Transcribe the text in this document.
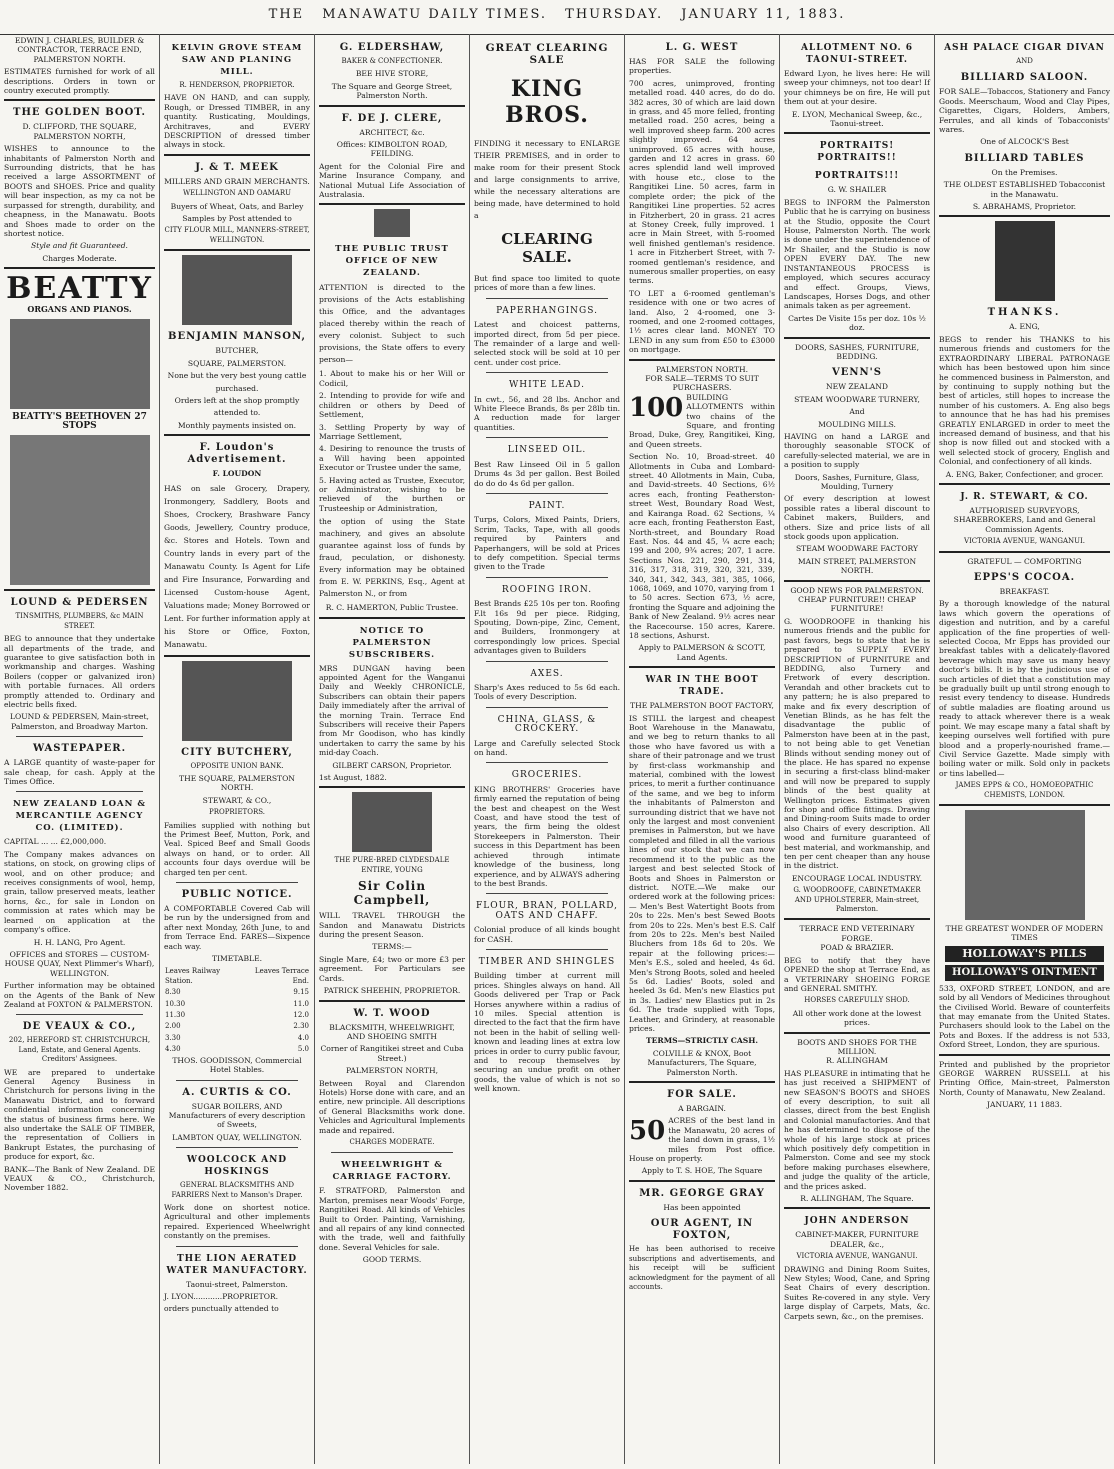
THE MANAWATU DAILY TIMES. THURSDAY. JANUARY 11, 1883.

EDWIN J. CHARLES, BUILDER & CONTRACTOR, TERRACE END, PALMERSTON NORTH.

ESTIMATES furnished for work of all descriptions. Orders in town or country executed promptly.

THE GOLDEN BOOT.

D. CLIFFORD, THE SQUARE, PALMERSTON NORTH,

WISHES to announce to the inhabitants of Palmerston North and Surrounding districts, that he has received a large ASSORTMENT of BOOTS and SHOES. Price and quality will bear inspection, as my ca not be surpassed for strength, durability, and cheapness, in the Manawatu. Boots and Shoes made to order on the shortest notice.

Style and fit Guaranteed.

Charges Moderate.

BEATTY
ORGANS AND PIANOS.
BEATTY'S BEETHOVEN 27 STOPS
LOUND & PEDERSEN

TINSMITHS, PLUMBERS, &c MAIN STREET.

BEG to announce that they undertake all departments of the trade, and guarantee to give satisfaction both in workmanship and charges. Washing Boilers (copper or galvanized iron) with portable furnaces. All orders promptly attended to. Ordinary and electric bells fixed.

LOUND & PEDERSEN, Main-street, Palmerston, and Broadway Marton.

WASTEPAPER.

A LARGE quantity of waste-paper for sale cheap, for cash. Apply at the Times Office.

NEW ZEALAND LOAN & MERCANTILE AGENCY CO. (LIMITED).

CAPITAL ... ... £2,000,000.

The Company makes advances on stations, on stock, on growing clips of wool, and on other produce; and receives consignments of wool, hemp, grain, tallow preserved meats, leather horns, &c., for sale in London on commission at rates which may be learned on application at the company's office.

H. H. LANG, Pro Agent.

OFFICES and STORES — CUSTOM-HOUSE QUAY, Next Plimmer's Wharf), WELLINGTON.

Further information may be obtained on the Agents of the Bank of New Zealand at FOXTON & PALMERSTON.

DE VEAUX & CO.,

202, HEREFORD ST. CHRISTCHURCH, Land, Estate, and General Agents. Creditors' Assignees.

WE are prepared to undertake General Agency Business in Christchurch for persons living in the Manawatu District, and to forward confidential information concerning the status of business firms here. We also undertake the SALE OF TIMBER, the representation of Colliers in Bankrupt Estates, the purchasing of produce for export, &c.

BANK—The Bank of New Zealand. DE VEAUX & CO., Christchurch, November 1882.

KELVIN GROVE STEAM SAW AND PLANING MILL.

R. HENDERSON, PROPRIETOR.

HAVE ON HAND, and can supply, Rough, or Dressed TIMBER, in any quantity. Rusticating, Mouldings, Architraves, and EVERY DESCRIPTION of dressed timber always in stock.

J. & T. MEEK

MILLERS AND GRAIN MERCHANTS.

WELLINGTON AND OAMARU

Buyers of Wheat, Oats, and Barley

Samples by Post attended to

CITY FLOUR MILL, MANNERS-STREET, WELLINGTON.

BENJAMIN MANSON,

BUTCHER,

SQUARE, PALMERSTON.

None but the very best young cattle

purchased.

Orders left at the shop promptly

attended to.

Monthly payments insisted on.

F. Loudon's Advertisement.

F. LOUDON

HAS on sale Grocery, Drapery, Ironmongery, Saddlery, Boots and Shoes, Crockery, Brashware Fancy Goods, Jewellery, Country produce, &c. Stores and Hotels. Town and Country lands in every part of the Manawatu County. Is Agent for Life and Fire Insurance, Forwarding and Licensed Custom-house Agent, Valuations made; Money Borrowed or Lent. For further information apply at his Store or Office, Foxton, Manawatu.

CITY BUTCHERY,

OPPOSITE UNION BANK.

THE SQUARE, PALMERSTON NORTH.

STEWART, & CO.,

PROPRIETORS.

Families supplied with nothing but the Primest Beef, Mutton, Pork, and Veal. Spiced Beef and Small Goods always on hand, or to order. All accounts four days overdue will be charged ten per cent.

PUBLIC NOTICE.

A COMFORTABLE Covered Cab will be run by the undersigned from and after next Monday, 26th June, to and from Terrace End. FARES—Sixpence each way.

TIMETABLE.

Leaves Railway Station.	Leaves Terrace End.
8.30	9.15
10.30	11.0
11.30	12.0
2.00	2.30
3.30	4.0
4.30	5.0

THOS. GOODISSON, Commercial Hotel Stables.

A. CURTIS & CO.

SUGAR BOILERS, AND Manufacturers of every description of Sweets,

LAMBTON QUAY, WELLINGTON.

WOOLCOCK AND HOSKINGS

GENERAL BLACKSMITHS AND FARRIERS Next to Manson's Draper.

Work done on shortest notice. Agricultural and other implements repaired. Experienced Wheelwright constantly on the premises.

THE LION AERATED WATER MANUFACTORY.

Taonui-street, Palmerston.

J. LYON............PROPRIETOR.

orders punctually attended to

G. ELDERSHAW,

BAKER & CONFECTIONER.

BEE HIVE STORE,

The Square and George Street, Palmerston North.

F. DE J. CLERE,

ARCHITECT, &c.

Offices: KIMBOLTON ROAD, FEILDING.

Agent for the Colonial Fire and Marine Insurance Company, and National Mutual Life Association of Australasia.

THE PUBLIC TRUST OFFICE OF NEW ZEALAND.

ATTENTION is directed to the provisions of the Acts establishing this Office, and the advantages placed thereby within the reach of every colonist. Subject to such provisions, the State offers to every person—

1. About to make his or her Will or Codicil,

2. Intending to provide for wife and children or others by Deed of Settlement,

3. Settling Property by way of Marriage Settlement,

4. Desiring to renounce the trusts of a Will having been appointed Executor or Trustee under the same,

5. Having acted as Trustee, Executor, or Administrator, wishing to be relieved of the burthen or Trusteeship or Administration,

the option of using the State machinery, and gives an absolute guarantee against loss of funds by fraud, peculation, or dishonesty. Every information may be obtained from E. W. PERKINS, Esq., Agent at Palmerston N., or from

R. C. HAMERTON, Public Trustee.

NOTICE TO PALMERSTON SUBSCRIBERS.

MRS DUNGAN having been appointed Agent for the Wanganui Daily and Weekly CHRONICLE, Subscribers can obtain their papers Daily immediately after the arrival of the morning Train. Terrace End Subscribers will receive their Papers from Mr Goodison, who has kindly undertaken to carry the same by his mid-day Coach.

GILBERT CARSON, Proprietor.

1st August, 1882.

THE PURE-BRED CLYDESDALE ENTIRE, YOUNG

Sir Colin Campbell,

WILL TRAVEL THROUGH the Sandon and Manawatu Districts during the present Season.

TERMS:—

Single Mare, £4; two or more £3 per agreement. For Particulars see Cards.

PATRICK SHEEHIN, PROPRIETOR.

W. T. WOOD

BLACKSMITH, WHEELWRIGHT, AND SHOEING SMITH

Corner of Rangitikei street and Cuba Street.)

PALMERSTON NORTH,

Between Royal and Clarendon Hotels) Horse done with care, and an entire, new principle. All descriptions of General Blacksmiths work done. Vehicles and Agricultural Implements made and repaired.

CHARGES MODERATE.

WHEELWRIGHT & CARRIAGE FACTORY.

F. STRATFORD, Palmerston and Marton, premises near Woods' Forge, Rangitikei Road. All kinds of Vehicles Built to Order. Painting, Varnishing, and all repairs of any kind connected with the trade, well and faithfully done. Several Vehicles for sale.

GOOD TERMS.

GREAT CLEARING SALE
KING BROS.

FINDING it necessary to ENLARGE THEIR PREMISES, and in order to make room for their present Stock and large consignments to arrive, while the necessary alterations are being made, have determined to hold a

CLEARING SALE.

But find space too limited to quote prices of more than a few lines.

PAPERHANGINGS.

Latest and choicest patterns, imported direct, from 5d per piece. The remainder of a large and well-selected stock will be sold at 10 per cent. under cost price.

WHITE LEAD.

In cwt., 56, and 28 lbs. Anchor and White Fleece Brands, 8s per 28lb tin. A reduction made for larger quantities.

LINSEED OIL.

Best Raw Linseed Oil in 5 gallon Drums 4s 3d per gallon. Best Boiled do do do 4s 6d per gallon.

PAINT.

Turps, Colors, Mixed Paints, Driers, Scrim, Tacks, Tape, with all goods required by Painters and Paperhangers, will be sold at Prices to defy competition. Special terms given to the Trade

ROOFING IRON.

Best Brands £25 10s per ton. Roofing F.lt 16s 9d per piece. Ridging, Spouting, Down-pipe, Zinc, Cement, and Builders, Ironmongery at correspondingly low prices. Special advantages given to Builders

AXES.

Sharp's Axes reduced to 5s 6d each. Tools of every Description.

CHINA, GLASS, & CROCKERY.

Large and Carefully selected Stock on hand.

GROCERIES.

KING BROTHERS' Groceries have firmly earned the reputation of being the best and cheapest on the West Coast, and have stood the test of years, the firm being the oldest Storekeepers in Palmerston. Their success in this Department has been achieved through intimate knowledge of the business, long experience, and by ALWAYS adhering to the best Brands.

FLOUR, BRAN, POLLARD, OATS AND CHAFF.

Colonial produce of all kinds bought for CASH.

TIMBER AND SHINGLES

Building timber at current mill prices. Shingles always on hand. All Goods delivered per Trap or Pack Horses anywhere within a radius of 10 miles. Special attention is directed to the fact that the firm have not been in the habit of selling well-known and leading lines at extra low prices in order to curry public favour, and to recoup themselves by securing an undue profit on other goods, the value of which is not so well known.

L. G. WEST

HAS FOR SALE the following properties.

700 acres, unimproved, fronting metalled road. 440 acres, do do do. 382 acres, 30 of which are laid down in grass, and 45 more felled, fronting metalled road. 250 acres, being a well improved sheep farm. 200 acres slightly improved. 64 acres unimproved. 65 acres with house, garden and 12 acres in grass. 60 acres splendid land well improved with house etc., close to the Rangitikei Line. 50 acres, farm in complete order; the pick of the Rangitikei Line properties. 52 acres in Fitzherbert, 20 in grass. 21 acres at Stoney Creek, fully improved. 1 acre in Main Street, with 5-roomed well finished gentleman's residence. 1 acre in Fitzherbert Street, with 7-roomed gentleman's residence, and numerous smaller properties, on easy terms.

TO LET a 6-roomed gentleman's residence with one or two acres of land. Also, 2 4-roomed, one 3-roomed, and one 2-roomed cottages, 1½ acres clear land. MONEY TO LEND in any sum from £50 to £3000 on mortgage.

PALMERSTON NORTH.
FOR SALE—TERMS TO SUIT PURCHASERS.
100 BUILDING ALLOTMENTS within two chains of the Square, and fronting Broad, Duke, Grey, Rangitikei, King, and Queen streets.

Section No. 10, Broad-street. 40 Allotments in Cuba and Lombard-street. 40 Allotments in Main, Cuba, and David-streets. 40 Sections, 6½ acres each, fronting Featherston-street West, Boundary Road West, and Kairanga Road. 62 Sections, ¼ acre each, fronting Featherston East, North-street, and Boundary Road East. Nos. 44 and 45, ¼ acre each; 199 and 200, 9¾ acres; 207, 1 acre. Sections Nos. 221, 290, 291, 314, 316, 317, 318, 319, 320, 321, 339, 340, 341, 342, 343, 381, 385, 1066, 1068, 1069, and 1070, varying from 1 to 50 acres. Section 673, ½ acre, fronting the Square and adjoining the Bank of New Zealand. 9½ acres near the Racecourse. 150 acres, Karere. 18 sections, Ashurst.

Apply to PALMERSON & SCOTT, Land Agents.

WAR IN THE BOOT TRADE.

THE PALMERSTON BOOT FACTORY,

IS STILL the largest and cheapest Boot Warehouse in the Manawatu, and we beg to return thanks to all those who have favored us with a share of their patronage and we trust by first-class workmanship and material, combined with the lowest prices, to merit a further continuance of the same, and we beg to inform the inhabitants of Palmerston and surrounding district that we have not only the largest and most convenient premises in Palmerston, but we have completed and filled in all the various lines of our stock that we can now recommend it to the public as the largest and best selected Stock of Boots and Shoes in Palmerston or district. NOTE.—We make our ordered work at the following prices:— Men's Best Watertight Boots from 20s to 22s. Men's best Sewed Boots from 20s to 22s. Men's best E.S. Calf from 20s to 22s. Men's best Nailed Bluchers from 18s 6d to 20s. We repair at the following prices:— Men's E.S., soled and heeled, 4s 6d. Men's Strong Boots, soled and heeled 5s 6d. Ladies' Boots, soled and heeled 3s 6d. Men's new Elastics put in 3s. Ladies' new Elastics put in 2s 6d. The trade supplied with Tops, Leather, and Grindery, at reasonable prices.

TERMS—STRICTLY CASH.

COLVILLE & KNOX, Boot Manufacturers, The Square, Palmerston North.

FOR SALE.

A BARGAIN.

50 ACRES of the best land in the Manawatu, 20 acres of the land down in grass, 1½ miles from Post office. House on property.

Apply to T. S. HOE, The Square

MR. GEORGE GRAY

Has been appointed

OUR AGENT, IN FOXTON,

He has been authorised to receive subscriptions and advertisements, and his receipt will be sufficient acknowledgment for the payment of all accounts.

ALLOTMENT NO. 6 TAONUI-STREET.

Edward Lyon, he lives here: He will sweep your chimneys, not too dear! If your chimneys be on fire, He will put them out at your desire.

E. LYON, Mechanical Sweep, &c., Taonui-street.

PORTRAITS! PORTRAITS!!
PORTRAITS!!!

G. W. SHAILER

BEGS to INFORM the Palmerston Public that he is carrying on business at the Studio, opposite the Court House, Palmerston North. The work is done under the superintendence of Mr Shailer, and the Studio is now OPEN EVERY DAY. The new INSTANTANEOUS PROCESS is employed, which secures accuracy and effect. Groups, Views, Landscapes, Horses Dogs, and other animals taken as per agreement.

Cartes De Visite 15s per doz. 10s ½ doz.

DOORS, SASHES, FURNITURE, BEDDING.

VENN'S

NEW ZEALAND

STEAM WOODWARE TURNERY,

And

MOULDING MILLS.

HAVING on hand a LARGE and thoroughly seasonable STOCK of carefully-selected material, we are in a position to supply

Doors, Sashes, Furniture, Glass, Moulding, Turnery

Of every description at lowest possible rates a liberal discount to Cabinet makers, Builders, and others. Size and price lists of all stock goods upon application.

STEAM WOODWARE FACTORY

MAIN STREET, PALMERSTON NORTH.

GOOD NEWS FOR PALMERSTON.

CHEAP FURNITURE!! CHEAP FURNITURE!

G. WOODROOFE in thanking his numerous friends and the public for past favors, begs to state that he is prepared to SUPPLY EVERY DESCRIPTION of FURNITURE and BEDDING, also Turnery and Fretwork of every description. Verandah and other brackets cut to any pattern; he is also prepared to make and fix every description of Venetian Blinds, as he has felt the disadvantage the public of Palmerston have been at in the past, to not being able to get Venetian Blinds without sending money out of the place. He has spared no expense in securing a first-class blind-maker and will now be prepared to supply blinds of the best quality at Wellington prices. Estimates given for shop and office fittings. Drawing and Dining-room Suits made to order also Chairs of every description. All wood and furniture guaranteed of best material, and workmanship, and ten per cent cheaper than any house in the district.

ENCOURAGE LOCAL INDUSTRY.

G. WOODROOFE, CABINETMAKER AND UPHOLSTERER, Main-street, Palmerston.

TERRACE END VETERINARY FORGE.

POAD & BRAZIER.

BEG to notify that they have OPENED the shop at Terrace End, as a VETERINARY SHOEING FORGE and GENERAL SMITHY.

HORSES CAREFULLY SHOD.

All other work done at the lowest prices.

BOOTS AND SHOES FOR THE MILLION.

R. ALLINGHAM

HAS PLEASURE in intimating that he has just received a SHIPMENT of new SEASON'S BOOTS and SHOES of every description, to suit all classes, direct from the best English and Colonial manufactories. And that he has determined to dispose of the whole of his large stock at prices which positively defy competition in Palmerston. Come and see my stock before making purchases elsewhere, and judge the quality of the article, and the prices asked.

R. ALLINGHAM, The Square.

JOHN ANDERSON

CABINET-MAKER, FURNITURE DEALER, &c.,

VICTORIA AVENUE, WANGANUI.

DRAWING and Dining Room Suites, New Styles; Wood, Cane, and Spring Seat Chairs of every description. Suites Re-covered in any style. Very large display of Carpets, Mats, &c. Carpets sewn, &c., on the premises.

ASH PALACE CIGAR DIVAN

AND

BILLIARD SALOON.

FOR SALE—Tobaccos, Stationery and Fancy Goods. Meerschaum, Wood and Clay Pipes, Cigarettes, Cigars, Holders, Ambers, Ferrules, and all kinds of Tobacconists' wares.

One of ALCOCK'S Best

BILLIARD TABLES

On the Premises.

THE OLDEST ESTABLISHED Tobacconist in the Manawatu.

S. ABRAHAMS, Proprietor.

THANKS.

A. ENG,

BEGS to render his THANKS to his numerous friends and customers for the EXTRAORDINARY LIBERAL PATRONAGE which has been bestowed upon him since he commenced business in Palmerston, and by continuing to supply nothing but the best of articles, still hopes to increase the number of his customers. A. Eng also begs to announce that he has had his premises GREATLY ENLARGED in order to meet the increased demand of business, and that his shop is now filled out and stocked with a well selected stock of grocery, English and Colonial, and confectionery of all kinds.

A. ENG, Baker, Confectioner, and grocer.

J. R. STEWART, & CO.

AUTHORISED SURVEYORS, SHAREBROKERS, Land and General Commission Agents.

VICTORIA AVENUE, WANGANUI.

GRATEFUL — COMFORTING
EPPS'S COCOA.

BREAKFAST.

By a thorough knowledge of the natural laws which govern the operations of digestion and nutrition, and by a careful application of the fine properties of well-selected Cocoa, Mr Epps has provided our breakfast tables with a delicately-flavored beverage which may save us many heavy doctor's bills. It is by the judicious use of such articles of diet that a constitution may be gradually built up until strong enough to resist every tendency to disease. Hundreds of subtle maladies are floating around us ready to attack wherever there is a weak point. We may escape many a fatal shaft by keeping ourselves well fortified with pure blood and a properly-nourished frame.—Civil Service Gazette. Made simply with boiling water or milk. Sold only in packets or tins labelled—

JAMES EPPS & CO., HOMOEOPATHIC CHEMISTS, LONDON.

THE GREATEST WONDER OF MODERN TIMES

HOLLOWAY'S PILLS
HOLLOWAY'S OINTMENT

533, OXFORD STREET, LONDON, and are sold by all Vendors of Medicines throughout the Civilised World. Beware of counterfeits that may emanate from the United States. Purchasers should look to the Label on the Pots and Boxes. If the address is not 533, Oxford Street, London, they are spurious.

Printed and published by the proprietor GEORGE WARREN RUSSELL at his Printing Office, Main-street, Palmerston North, County of Manawatu, New Zealand.

JANUARY, 11 1883.
